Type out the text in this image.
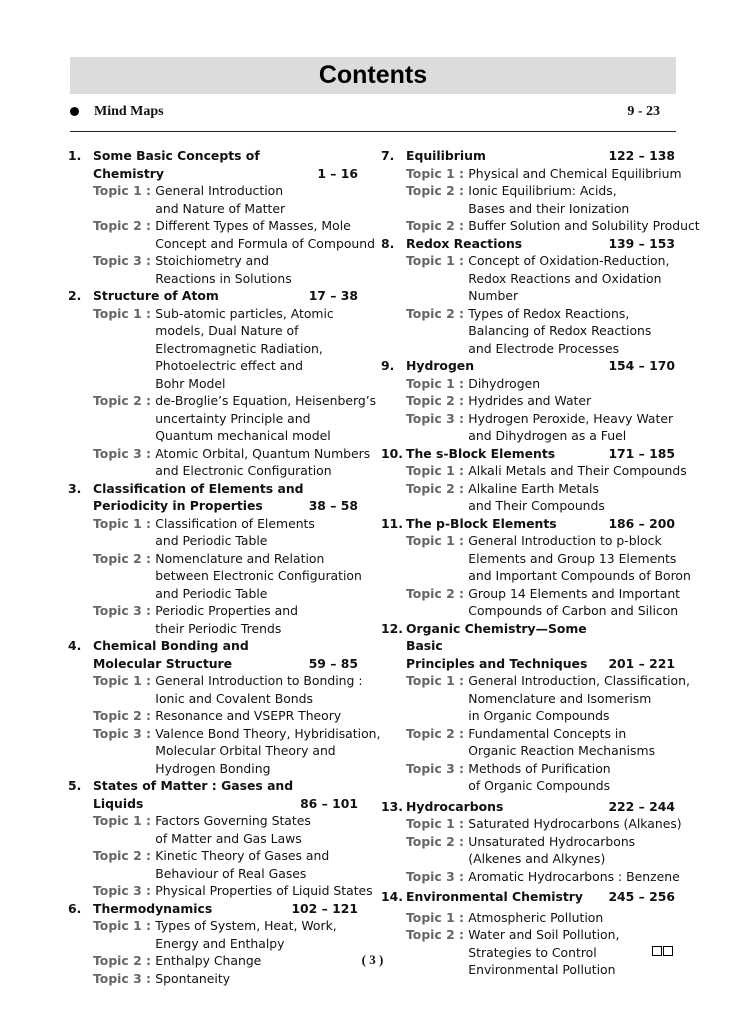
Contents
Mind Maps	9 - 23
1. Some Basic Concepts of Chemistry	1 – 16
Topic 1 : General Introduction
and Nature of Matter
Topic 2 : Different Types of Masses, Mole
Concept and Formula of Compound
Topic 3 : Stoichiometry and
Reactions in Solutions
2. Structure of Atom	17 – 38
Topic 1 : Sub-atomic particles, Atomic
models, Dual Nature of
Electromagnetic Radiation,
Photoelectric effect and
Bohr Model
Topic 2 : de-Broglie’s Equation, Heisenberg’s
uncertainty Principle and
Quantum mechanical model
Topic 3 : Atomic Orbital, Quantum Numbers
and Electronic Configuration
3. Classification of Elements and
Periodicity in Properties	38 – 58
Topic 1 : Classification of Elements
and Periodic Table
Topic 2 : Nomenclature and Relation
between Electronic Configuration
and Periodic Table
Topic 3 : Periodic Properties and
their Periodic Trends
4. Chemical Bonding and
Molecular Structure	59 – 85
Topic 1 : General Introduction to Bonding :
Ionic and Covalent Bonds
Topic 2 : Resonance and VSEPR Theory
Topic 3 : Valence Bond Theory, Hybridisation,
Molecular Orbital Theory and
Hydrogen Bonding
5. States of Matter : Gases and Liquids	86 – 101
Topic 1 : Factors Governing States
of Matter and Gas Laws
Topic 2 : Kinetic Theory of Gases and
Behaviour of Real Gases
Topic 3 : Physical Properties of Liquid States
6. Thermodynamics	102 – 121
Topic 1 : Types of System, Heat, Work,
Energy and Enthalpy
Topic 2 : Enthalpy Change
Topic 3 : Spontaneity
7. Equilibrium	122 – 138
Topic 1 : Physical and Chemical Equilibrium
Topic 2 : Ionic Equilibrium: Acids,
Bases and their Ionization
Topic 2 : Buffer Solution and Solubility Product
8. Redox Reactions	139 – 153
Topic 1 : Concept of Oxidation-Reduction,
Redox Reactions and Oxidation
Number
Topic 2 : Types of Redox Reactions,
Balancing of Redox Reactions
and Electrode Processes
9. Hydrogen	154 – 170
Topic 1 : Dihydrogen
Topic 2 : Hydrides and Water
Topic 3 : Hydrogen Peroxide, Heavy Water
and Dihydrogen as a Fuel
10. The s-Block Elements	171 – 185
Topic 1 : Alkali Metals and Their Compounds
Topic 2 : Alkaline Earth Metals
and Their Compounds
11. The p-Block Elements	186 – 200
Topic 1 : General Introduction to p-block
Elements and Group 13 Elements
and Important Compounds of Boron
Topic 2 : Group 14 Elements and Important
Compounds of Carbon and Silicon
12. Organic Chemistry—Some Basic
Principles and Techniques	201 – 221
Topic 1 : General Introduction, Classification,
Nomenclature and Isomerism
in Organic Compounds
Topic 2 : Fundamental Concepts in
Organic Reaction Mechanisms
Topic 3 : Methods of Purification
of Organic Compounds
13. Hydrocarbons	222 – 244
Topic 1 : Saturated Hydrocarbons (Alkanes)
Topic 2 : Unsaturated Hydrocarbons
(Alkenes and Alkynes)
Topic 3 : Aromatic Hydrocarbons : Benzene
14. Environmental Chemistry	245 – 256
Topic 1 : Atmospheric Pollution
Topic 2 : Water and Soil Pollution,
Strategies to Control
Environmental Pollution
( 3 )
